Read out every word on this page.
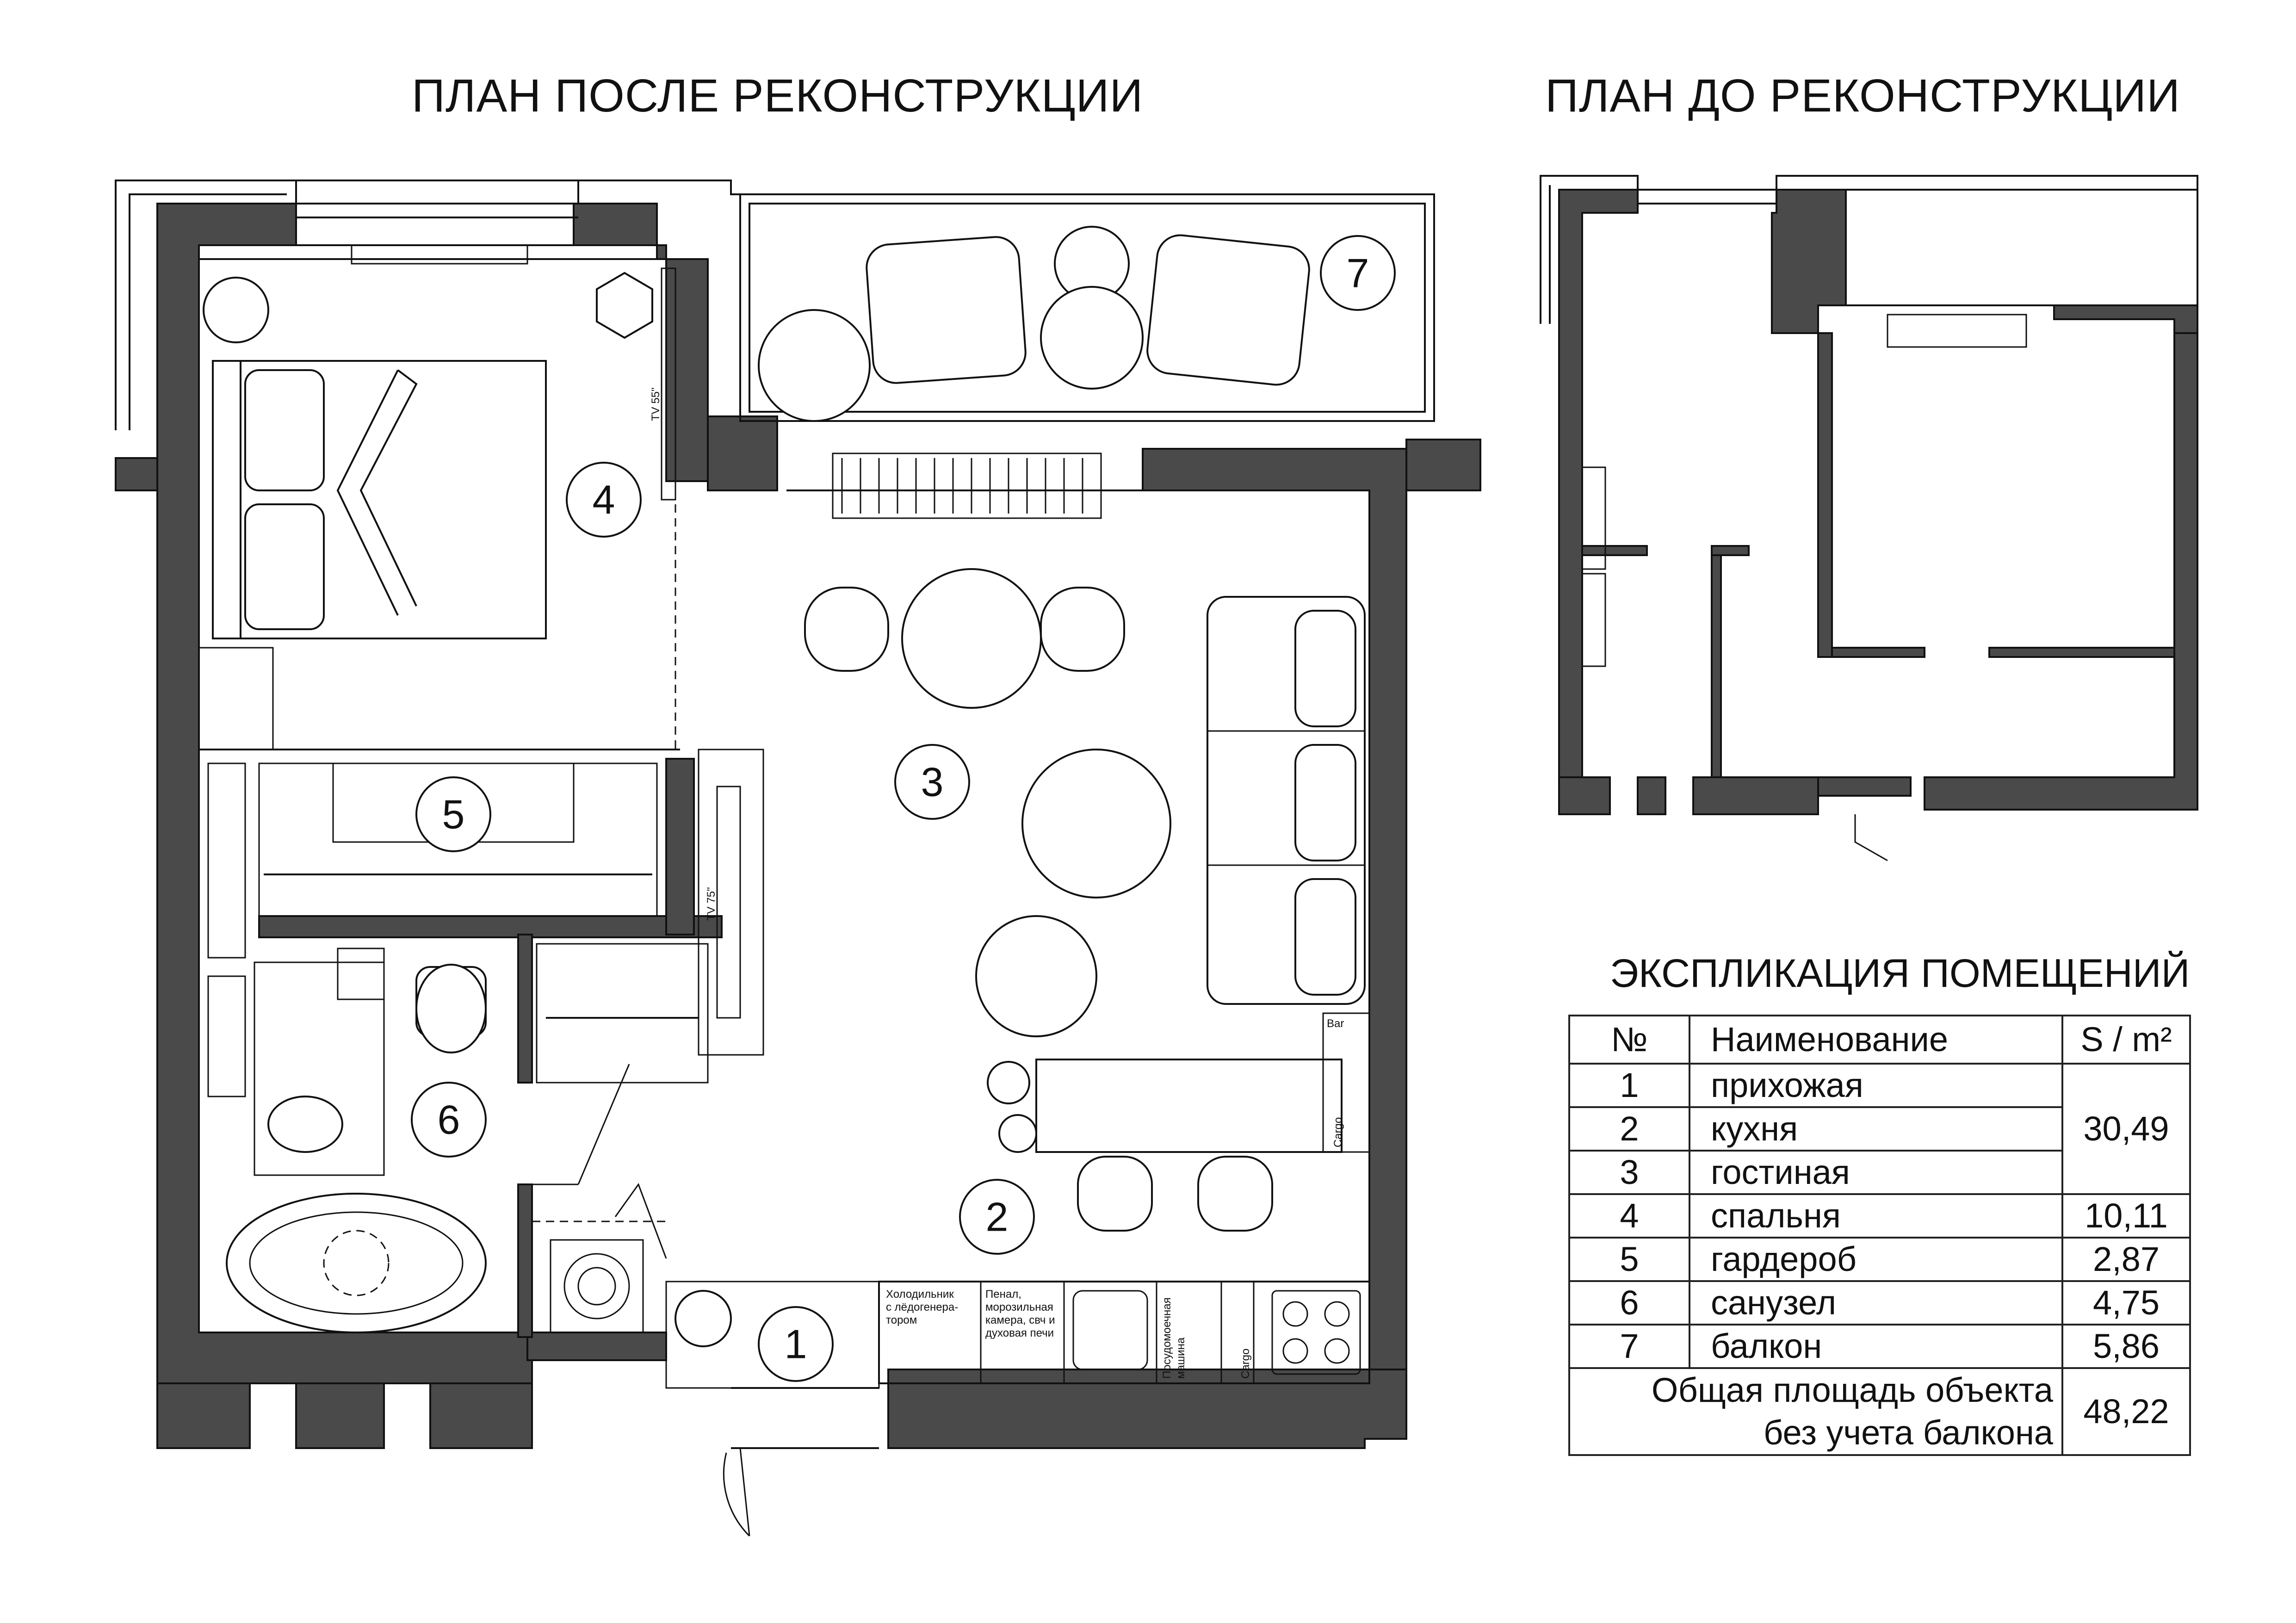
ПЛАН ПОСЛЕ РЕКОНСТРУКЦИИ	ПЛАН ДО РЕКОНСТРУКЦИИ
TV 55"
TV 75"
Bar
Cargo
Холодильник
с лёдогенера-
тором
Пенал,
морозильная
камера, свч и
духовая печи	Посудомоечная машина	Cargo
1
2
3
4
5
6
7
ЭКСПЛИКАЦИЯ ПОМЕЩЕНИЙ
№	Наименование	S / m²
1	прихожая	30,49
2	кухня	
3	гостиная	
4	спальня	10,11
5	гардероб	2,87
6	санузел	4,75
7	балкон	5,86

Общая площадь объекта
без учета балкона		48,22
